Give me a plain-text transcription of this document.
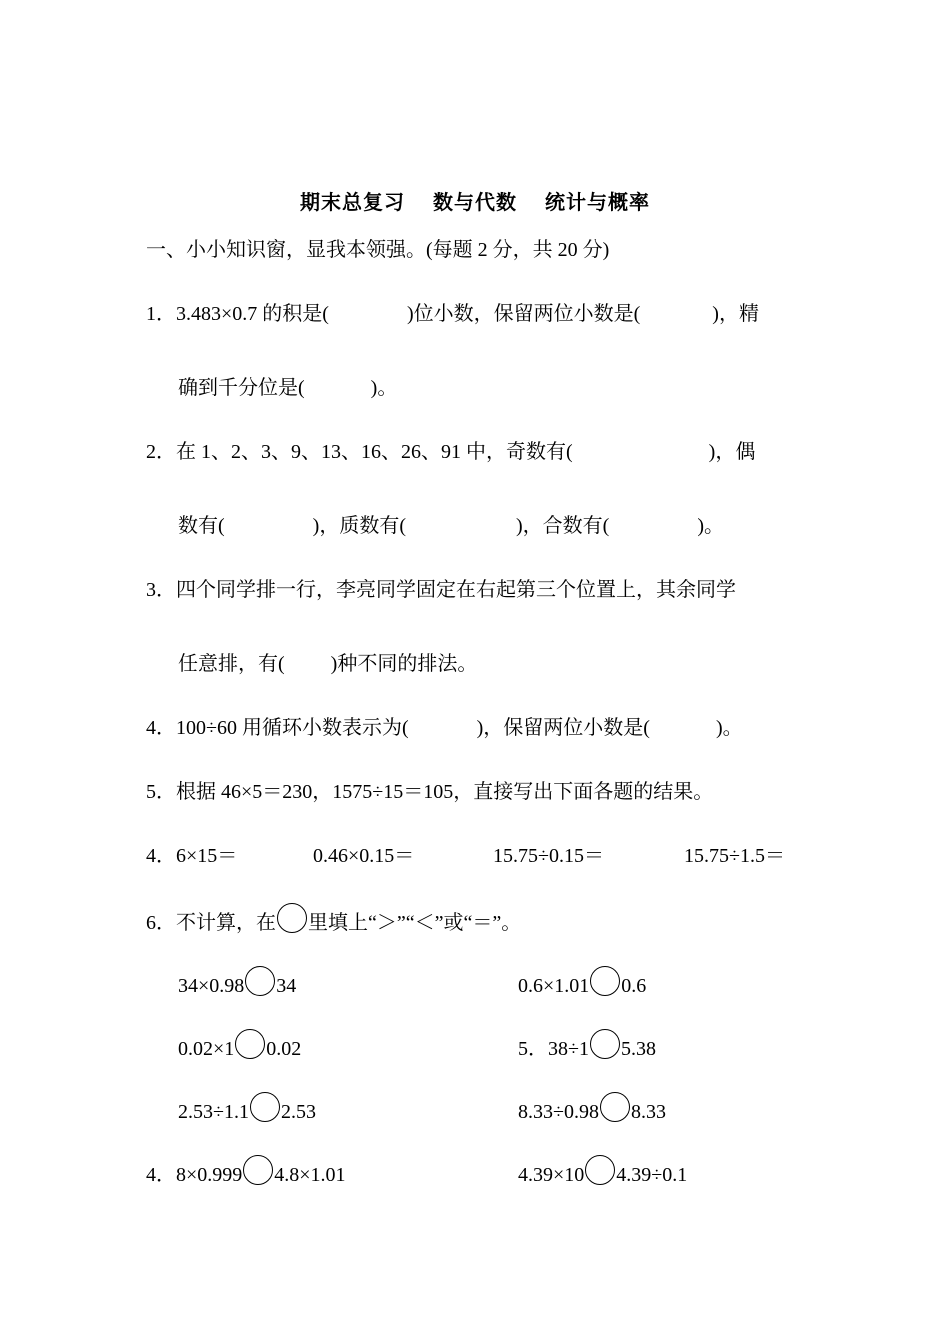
期末总复习 数与代数 统计与概率
一、小小知识窗，显我本领强。(每题 2 分，共 20 分)
1．3.483×0.7 的积是(	)位小数，保留两位小数是(	)，精
确到千分位是(	)。
2．在 1、2、3、9、13、16、26、91 中，奇数有(	)，偶
数有(	)，质数有(	)，合数有(	)。
3．四个同学排一行，李亮同学固定在右起第三个位置上，其余同学
任意排，有( )种不同的排法。
4．100÷60 用循环小数表示为(	)，保留两位小数是(	)。
5．根据 46×5＝230，1575÷15＝105，直接写出下面各题的结果。
4．6×15＝	0.46×0.15＝	15.75÷0.15＝	15.75÷1.5＝
6．不计算，在 里填上“＞”“＜”或“＝”。
34×0.98 34	0.6×1.01 0.6
0.02×1 0.02	5．38÷1 5.38
2.53÷1.1 2.53	8.33÷0.98 8.33
4．8×0.999 4.8×1.01	4.39×10 4.39÷0.1
